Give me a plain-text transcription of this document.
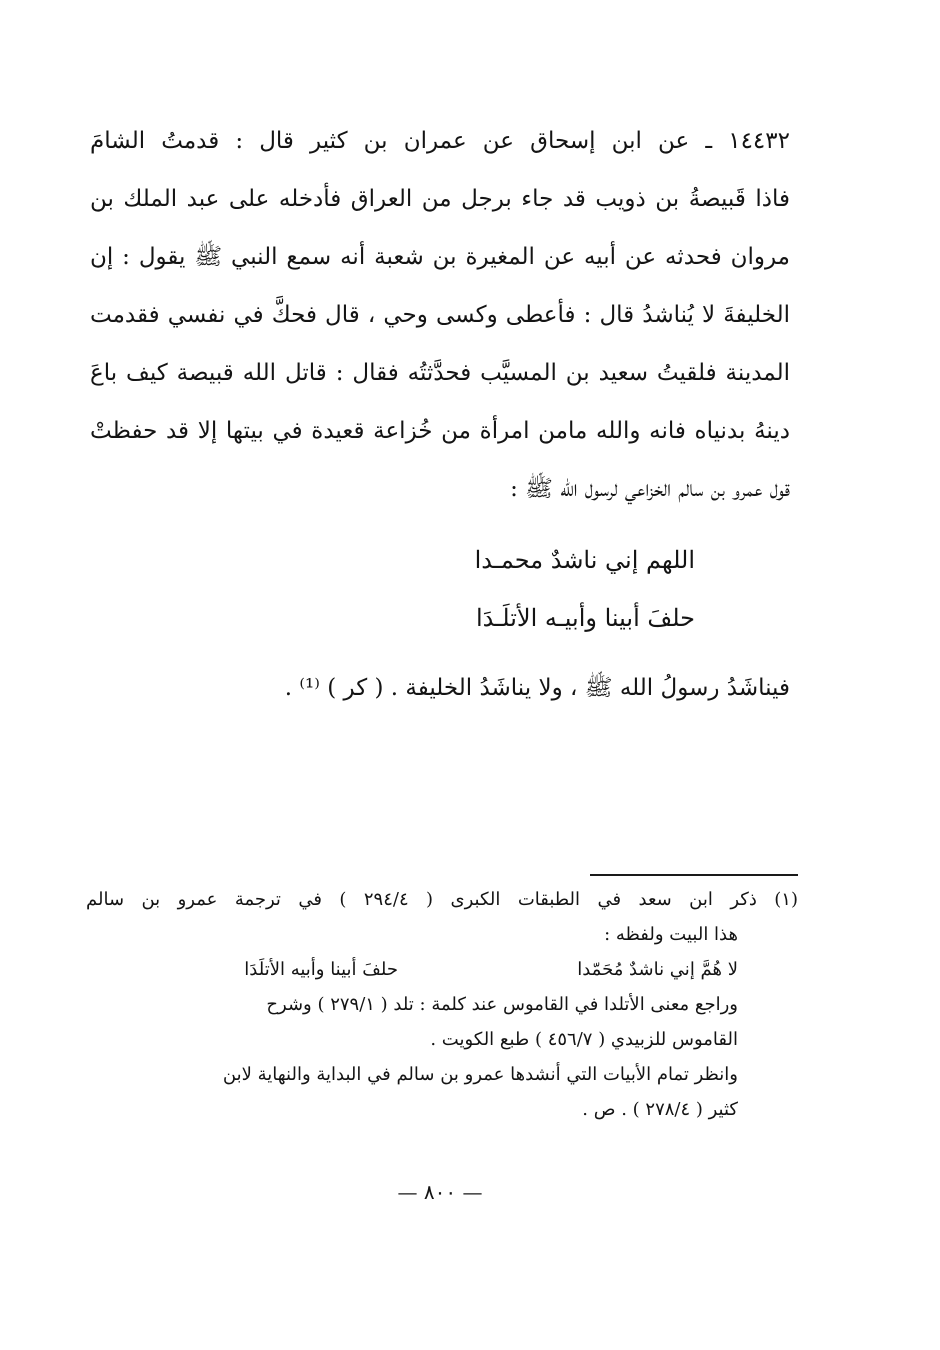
١٤٤٣٢ ـ عن ابن إسحاق عن عمران بن كثير قال : قدمتُ الشامَ
فاذا قَبيصةُ بن ذويب قد جاء برجل من العراق فأدخله على عبد الملك بن
مروان فحدثه عن أبيه عن المغيرة بن شعبة أنه سمع النبي ﷺ يقول : إن
الخليفةَ لا يُناشدُ قال : فأعطى وكسى وحي ، قال فحكَّ في نفسي فقدمت
المدينة فلقيتُ سعيد بن المسيَّب فحدَّثتُه فقال : قاتل الله قبيصة كيف باعَ
دينهُ بدنياه فانه والله مامن امرأة من خُزاعة قعيدة في بيتها إلا قد حفظتْ
قول عمرو بن سالم الخزاعي لرسول الله ﷺ :
اللهم إني ناشدٌ محمـدا
حلفَ أبينا وأبيـه الأتلَـدَا
فيناشَدُ رسولُ الله ﷺ ، ولا يناشَدُ الخليفة . ( كر ) ⁽¹⁾ .
(١) ذكر ابن سعد في الطبقات الكبرى ( ٢٩٤/٤ ) في ترجمة عمرو بن سالم
هذا البيت ولفظه :
لا هُمَّ إني ناشدٌ مُحَمّدا
حلفَ أبينا وأبيه الأتلَدَا
وراجع معنى الأتلدا في القاموس عند كلمة : تلد ( ٢٧٩/١ ) وشرح
القاموس للزبيدي ( ٤٥٦/٧ ) طبع الكويت .
وانظر تمام الأبيات التي أنشدها عمرو بن سالم في البداية والنهاية لابن
كثير ( ٢٧٨/٤ ) . ص .
— ٨٠٠ —
